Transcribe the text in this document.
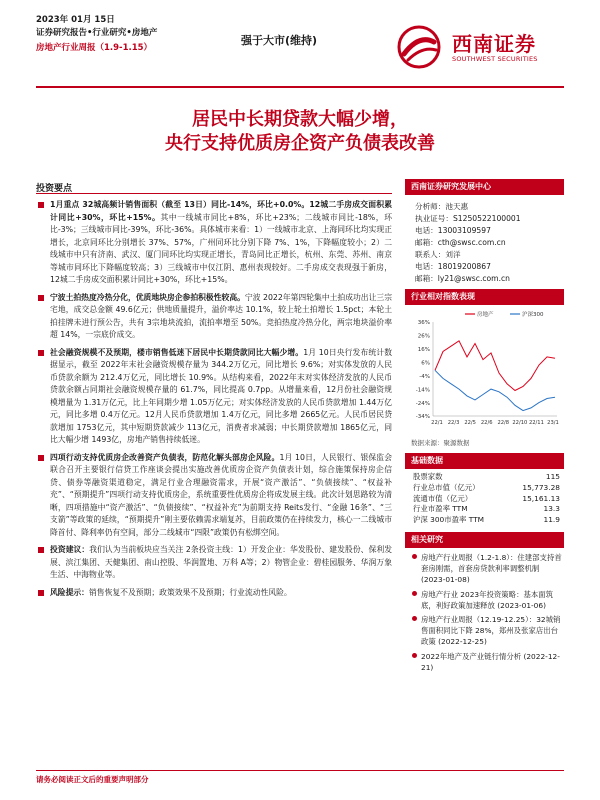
2023年 01月 15日
证券研究报告•行业研究•房地产
房地产行业周报（1.9-1.15）
强于大市(维持)	西南证券
SOUTHWEST SECURITIES
居民中长期贷款大幅少增，
央行支持优质房企资产负债表改善
投资要点
1月重点 32城高频计销售面积（截至 13日）同比-14%，环比+0.0%。12城二手房成交面积累计同比+30%，环比+15%。其中一线城市同比+8%，环比+23%；二线城市同比-18%，环比-3%；三线城市同比-39%，环比-36%。具体城市来看：1）一线城市北京、上海同环比均实现正增长，北京同环比分别增长 37%、57%，广州同环比分别下降 7%、1%，下降幅度较小；2）二线城市中只有济南、武汉、厦门同环比均实现正增长，青岛同比正增长，杭州、东莞、苏州、南京等城市同环比下降幅度较高；3）三线城市中仅江阴、惠州表现较好。二手房成交表现强于新房，12城二手房成交面积累计同比+30%，环比+15%。
宁波土拍热度冷热分化，优质地块房企参拍积极性较高。宁波 2022年第四轮集中土拍成功出让三宗宅地，成交总金额 49.6亿元；供地质量提升，溢价率达 10.1%，较上轮土拍增长 1.5pct；本轮土拍挂牌未进行预公告，共有 3宗地块流拍，流拍率增至 50%。竞拍热度冷热分化，两宗地块溢价率超 14%，一宗底价成交。
社会融资规模不及预期，楼市销售低迷下居民中长期贷款同比大幅少增。1月 10日央行发布统计数据显示，截至 2022年末社会融资规模存量为 344.2万亿元，同比增长 9.6%；对实体发放的人民币贷款余额为 212.4万亿元，同比增长 10.9%。从结构来看，2022年末对实体经济发放的人民币贷款余额占同期社会融资规模存量的 61.7%，同比提高 0.7pp。从增量来看，12月份社会融资规模增量为 1.31万亿元，比上年同期少增 1.05万亿元；对实体经济发放的人民币贷款增加 1.44万亿元，同比多增 0.4万亿元。12月人民币贷款增加 1.4万亿元，同比多增 2665亿元。人民币居民贷款增加 1753亿元，其中短期贷款减少 113亿元，消费者求减弱；中长期贷款增加 1865亿元，同比大幅少增 1493亿，房地产销售持续低迷。
四项行动支持优质房企改善资产负债表，防范化解头部房企风险。1月 10日，人民银行、银保监会联合召开主要银行信贷工作座谈会提出实施改善优质房企资产负债表计划，综合施策保持房企信贷、债券等融资渠道稳定，满足行业合理融资需求，开展“资产激活”、“负债接续”、“权益补充”、“预期提升”四项行动支持优质房企，系统重要性优质房企将成发展主线。此次计划思路较为清晰，四项措施中“资产激活”、“负债接续”、“权益补充”为前期支持 Reits发行、“金融 16条”、“三支箭”等政策的延续，“预期提升”刚主要依赖需求端复苏，目前政策仍在持续发力，核心一二线城市降首付、降利率仍有空间，部分二线城市“四限”政策仍有松绑空间。
投资建议：我们认为当前板块应当关注 2条投资主线：1）开发企业：华发股份、建发股份、保利发展、滨江集团、天健集团、南山控股、华润置地、万科 A等；2）物管企业：碧桂园服务、华润万象生活、中海物业等。
风险提示：销售恢复不及预期；政策效果不及预期；行业流动性风险。
西南证券研究发展中心
分析师：池天惠
执业证号：S1250522100001
电话：13003109597
邮箱：cth@swsc.com.cn
联系人：刘洋
电话：18019200867
邮箱：ly21@swsc.com.cn
行业相对指数表现
36%
26%
16%
6%
-4%
-14%
-24%
-34%
22/1 22/3 22/5 22/6 22/8 22/10 22/11 23/1
房地产	沪深300
数据来源：聚源数据
基础数据
股票家数	115
行业总市值（亿元）	15,773.28
流通市值（亿元）	15,161.13
行业市盈率 TTM	13.3
沪深 300市盈率 TTM	11.9
相关研究
房地产行业周报（1.2-1.8）：住建部支持首套房刚需，首套房贷款利率调整机制 (2023-01-08)
房地产行业 2023年投资策略：基本面筑底，利好政策加速释放 (2023-01-06)
房地产行业周报（12.19-12.25）：32城销售面积同比下降 28%，郑州及张家店出台政策 (2022-12-25)
2022年地产及产业链行情分析 (2022-12-21)
请务必阅读正文后的重要声明部分
